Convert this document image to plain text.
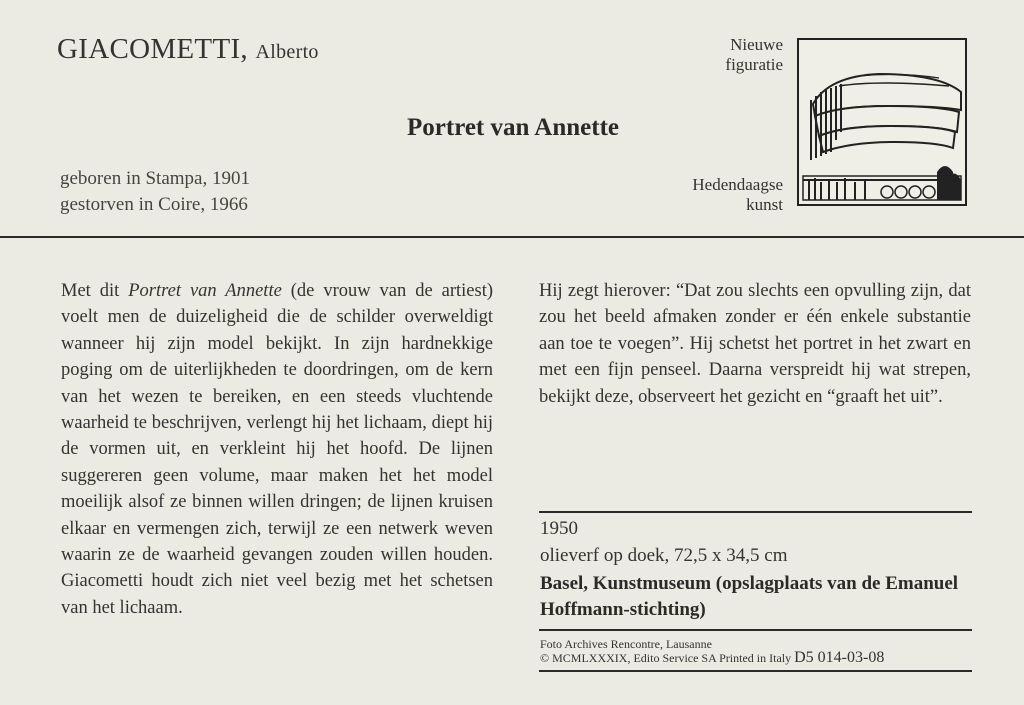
GIACOMETTI, Alberto	Nieuwe
figuratie
Portret van Annette
geboren in Stampa, 1901
gestorven in Coire, 1966
Hedendaagse
kunst

Met dit Portret van Annette (de vrouw van de artiest) voelt men de duizeligheid die de schilder overweldigt wanneer hij zijn model bekijkt. In zijn hardnekkige poging om de uiterlijkheden te doordringen, om de kern van het wezen te bereiken, en een steeds vluchtende waarheid te beschrijven, verlengt hij het lichaam, diept hij de vormen uit, en verkleint hij het hoofd. De lijnen suggereren geen volume, maar maken het het model moeilijk alsof ze binnen willen dringen; de lijnen kruisen elkaar en vermengen zich, terwijl ze een netwerk weven waarin ze de waarheid gevangen zouden willen houden. Giacometti houdt zich niet veel bezig met het schetsen van het lichaam.

Hij zegt hierover: “Dat zou slechts een opvulling zijn, dat zou het beeld afmaken zonder er één enkele substantie aan toe te voegen”. Hij schetst het portret in het zwart en met een fijn penseel. Daarna verspreidt hij wat strepen, bekijkt deze, observeert het gezicht en “graaft het uit”.

1950
olieverf op doek, 72,5 x 34,5 cm
Basel, Kunstmuseum (opslagplaats van de Emanuel Hoffmann-stichting)
Foto Archives Rencontre, Lausanne
© MCMLXXXIX, Edito Service SA Printed in Italy D5 014-03-08
